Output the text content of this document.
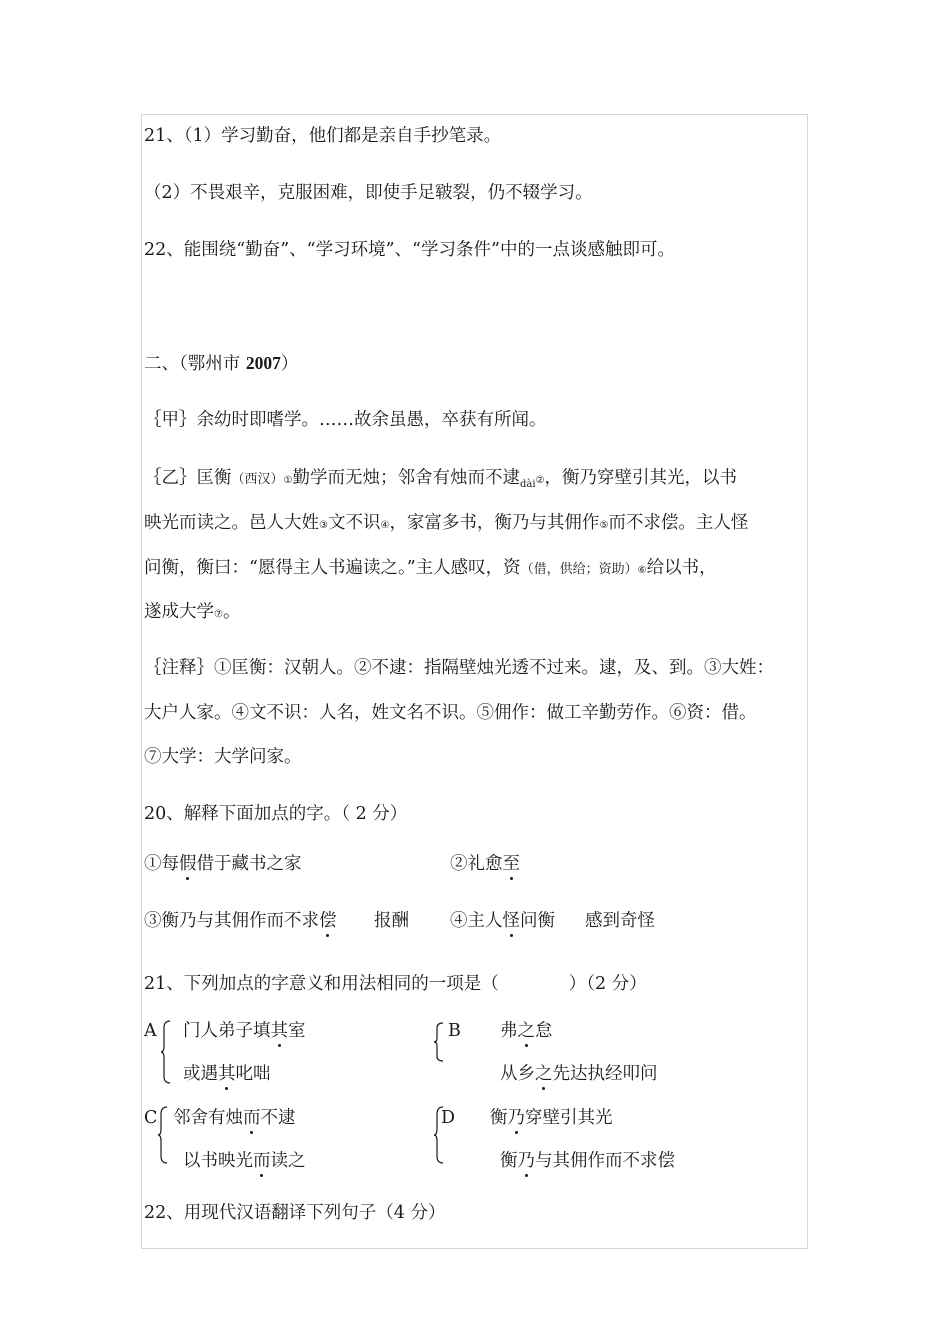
21、（1）学习勤奋，他们都是亲自手抄笔录。
（2）不畏艰辛，克服困难，即使手足皲裂，仍不辍学习。
22、能围绕“勤奋”、“学习环境”、“学习条件”中的一点谈感触即可。
二、（鄂州市 2007）
｛甲｝余幼时即嗜学。……故余虽愚，卒获有所闻。
｛乙｝匡衡（西汉）①勤学而无烛；邻舍有烛而不逮$_{dài}$②，衡乃穿壁引其光，以书
映光而读之。邑人大姓③文不识④，家富多书，衡乃与其佣作⑤而不求偿。主人怪
问衡，衡曰：“愿得主人书遍读之。”主人感叹，资（借，供给；资助）⑥给以书，
遂成大学⑦。
｛注释｝①匡衡：汉朝人。②不逮：指隔壁烛光透不过来。逮，及、到。③大姓：
大户人家。④文不识：人名，姓文名不识。⑤佣作：做工辛勤劳作。⑥资：借。
⑦大学：大学问家。
20、解释下面加点的字。（ 2 分）
①每假借于藏书之家	②礼愈至
③衡乃与其佣作而不求偿 报酬 ④主人怪问衡 感到奇怪
21、下列加点的字意义和用法相同的一项是（　　　　）（2 分）
A 门人弟子填其室
或遇其叱咄
B 弗之怠
从乡之先达执经叩问
C 邻舍有烛而不逮
以书映光而读之
D 衡乃穿壁引其光
衡乃与其佣作而不求偿
22、用现代汉语翻译下列句子（4 分）
